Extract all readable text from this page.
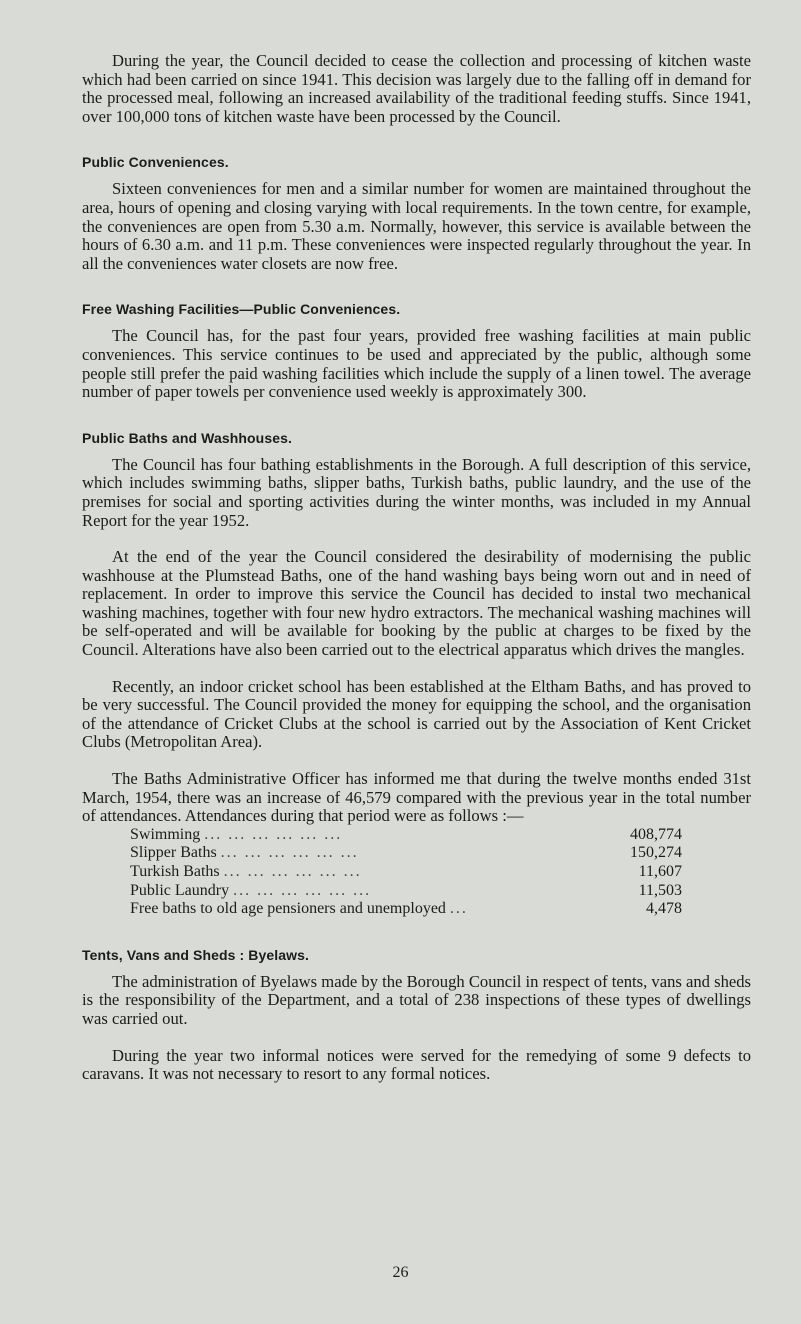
During the year, the Council decided to cease the collection and processing of kitchen waste which had been carried on since 1941. This decision was largely due to the falling off in demand for the processed meal, following an increased availability of the traditional feeding stuffs. Since 1941, over 100,000 tons of kitchen waste have been processed by the Council.

Public Conveniences.

Sixteen conveniences for men and a similar number for women are maintained throughout the area, hours of opening and closing varying with local requirements. In the town centre, for example, the conveniences are open from 5.30 a.m. Normally, however, this service is available between the hours of 6.30 a.m. and 11 p.m. These conveniences were inspected regularly throughout the year. In all the conveniences water closets are now free.

Free Washing Facilities—Public Conveniences.

The Council has, for the past four years, provided free washing facilities at main public conveniences. This service continues to be used and appreciated by the public, although some people still prefer the paid washing facilities which include the supply of a linen towel. The average number of paper towels per convenience used weekly is approximately 300.

Public Baths and Washhouses.

The Council has four bathing establishments in the Borough. A full description of this service, which includes swimming baths, slipper baths, Turkish baths, public laundry, and the use of the premises for social and sporting activities during the winter months, was included in my Annual Report for the year 1952.

At the end of the year the Council considered the desirability of modernising the public washhouse at the Plumstead Baths, one of the hand washing bays being worn out and in need of replacement. In order to improve this service the Council has decided to instal two mechanical washing machines, together with four new hydro extractors. The mechanical washing machines will be self-operated and will be available for booking by the public at charges to be fixed by the Council. Alterations have also been carried out to the electrical apparatus which drives the mangles.

Recently, an indoor cricket school has been established at the Eltham Baths, and has proved to be very successful. The Council provided the money for equipping the school, and the organisation of the attendance of Cricket Clubs at the school is carried out by the Association of Kent Cricket Clubs (Metropolitan Area).

The Baths Administrative Officer has informed me that during the twelve months ended 31st March, 1954, there was an increase of 46,579 compared with the previous year in the total number of attendances. Attendances during that period were as follows :—

Swimming ... ... ... ... ... ...	408,774
Slipper Baths ... ... ... ... ... ...	150,274
Turkish Baths ... ... ... ... ... ...	11,607
Public Laundry ... ... ... ... ... ...	11,503
Free baths to old age pensioners and unemployed ...	4,478
Tents, Vans and Sheds : Byelaws.

The administration of Byelaws made by the Borough Council in respect of tents, vans and sheds is the responsibility of the Department, and a total of 238 inspections of these types of dwellings was carried out.

During the year two informal notices were served for the remedying of some 9 defects to caravans. It was not necessary to resort to any formal notices.

26
